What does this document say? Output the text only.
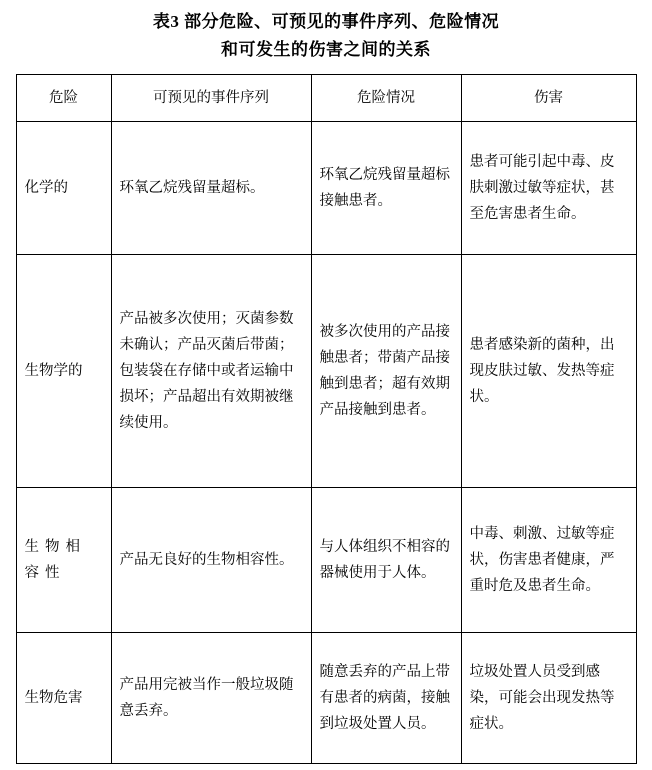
表3 部分危险、可预见的事件序列、危险情况
和可发生的伤害之间的关系
危险	可预见的事件序列	危险情况	伤害
化学的	环氧乙烷残留量超标。	环氧乙烷残留量超标接触患者。	患者可能引起中毒、皮肤刺激过敏等症状，甚至危害患者生命。
生物学的	产品被多次使用；灭菌参数未确认；产品灭菌后带菌；包装袋在存储中或者运输中损坏；产品超出有效期被继续使用。	被多次使用的产品接触患者；带菌产品接触到患者；超有效期产品接触到患者。	患者感染新的菌种，出现皮肤过敏、发热等症状。
生物相容性	产品无良好的生物相容性。	与人体组织不相容的器械使用于人体。	中毒、刺激、过敏等症状，伤害患者健康，严重时危及患者生命。
生物危害	产品用完被当作一般垃圾随意丢弃。	随意丢弃的产品上带有患者的病菌，接触到垃圾处置人员。	垃圾处置人员受到感染，可能会出现发热等症状。
